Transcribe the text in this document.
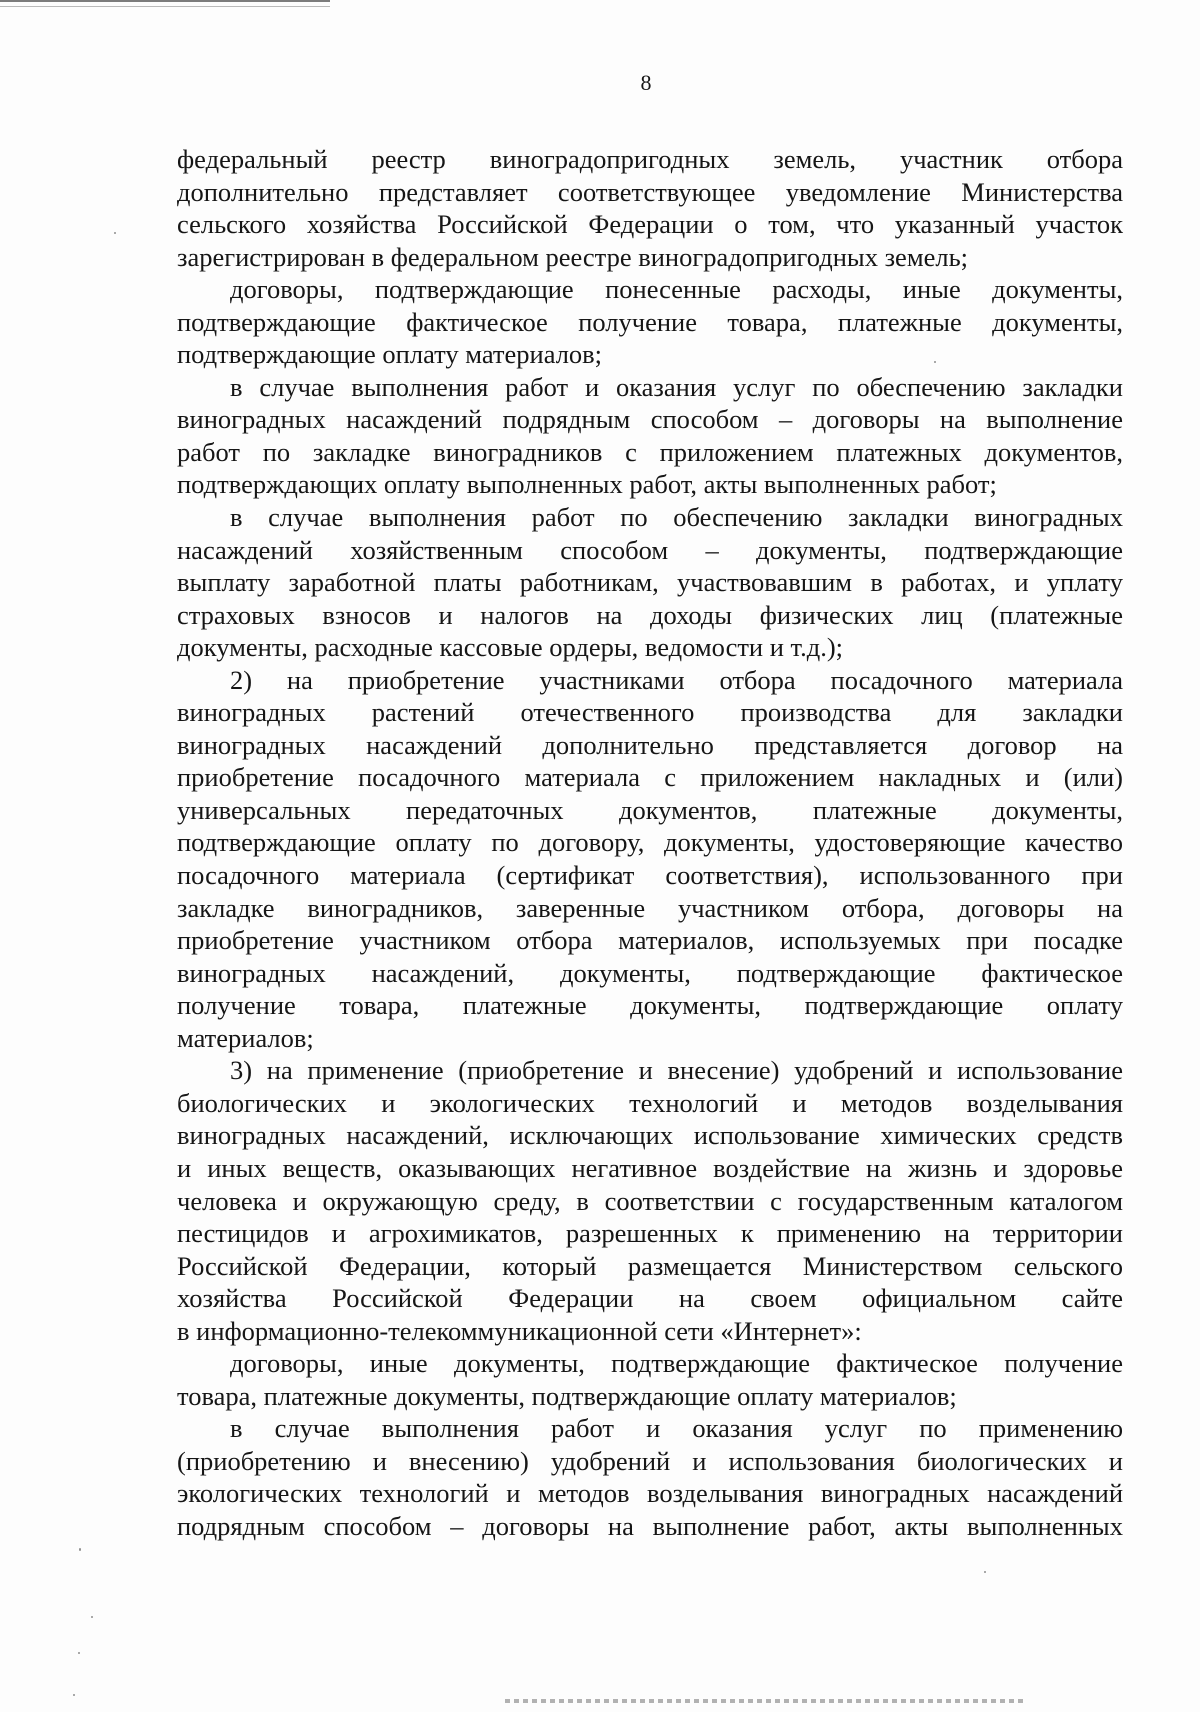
8
федеральный реестр виноградопригодных земель, участник отбора
дополнительно представляет соответствующее уведомление Министерства
сельского хозяйства Российской Федерации о том, что указанный участок
зарегистрирован в федеральном реестре виноградопригодных земель;
договоры, подтверждающие понесенные расходы, иные документы,
подтверждающие фактическое получение товара, платежные документы,
подтверждающие оплату материалов;
в случае выполнения работ и оказания услуг по обеспечению закладки
виноградных насаждений подрядным способом – договоры на выполнение
работ по закладке виноградников с приложением платежных документов,
подтверждающих оплату выполненных работ, акты выполненных работ;
в случае выполнения работ по обеспечению закладки виноградных
насаждений хозяйственным способом – документы, подтверждающие
выплату заработной платы работникам, участвовавшим в работах, и уплату
страховых взносов и налогов на доходы физических лиц (платежные
документы, расходные кассовые ордеры, ведомости и т.д.);
2) на приобретение участниками отбора посадочного материала
виноградных растений отечественного производства для закладки
виноградных насаждений дополнительно представляется договор на
приобретение посадочного материала с приложением накладных и (или)
универсальных передаточных документов, платежные документы,
подтверждающие оплату по договору, документы, удостоверяющие качество
посадочного материала (сертификат соответствия), использованного при
закладке виноградников, заверенные участником отбора, договоры на
приобретение участником отбора материалов, используемых при посадке
виноградных насаждений, документы, подтверждающие фактическое
получение товара, платежные документы, подтверждающие оплату
материалов;
3) на применение (приобретение и внесение) удобрений и использование
биологических и экологических технологий и методов возделывания
виноградных насаждений, исключающих использование химических средств
и иных веществ, оказывающих негативное воздействие на жизнь и здоровье
человека и окружающую среду, в соответствии с государственным каталогом
пестицидов и агрохимикатов, разрешенных к применению на территории
Российской Федерации, который размещается Министерством сельского
хозяйства Российской Федерации на своем официальном сайте
в информационно-телекоммуникационной сети «Интернет»:
договоры, иные документы, подтверждающие фактическое получение
товара, платежные документы, подтверждающие оплату материалов;
в случае выполнения работ и оказания услуг по применению
(приобретению и внесению) удобрений и использования биологических и
экологических технологий и методов возделывания виноградных насаждений
подрядным способом – договоры на выполнение работ, акты выполненных
